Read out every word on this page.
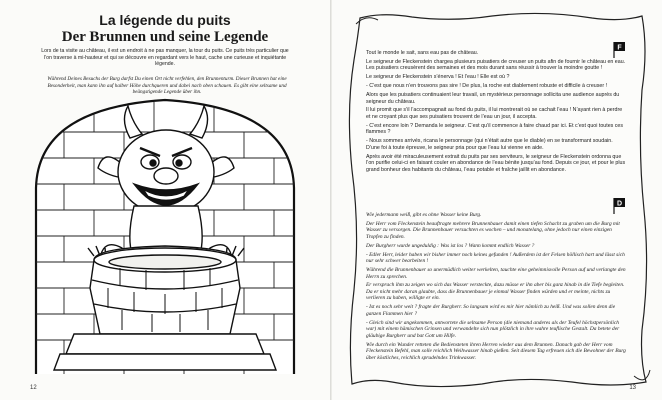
La légende du puits
Der Brunnen und seine Legende
Lors de ta visite au château, il est un endroit à ne pas manquer, la tour du puits. Ce puits très particulier que l’on traverse à mi-hauteur et qui se découvre en regardant vers le haut, cache une curieuse et inquiétante légende.
Während Deines Besuchs der Burg darfst Du einen Ort nicht verfehlen, den Brunnenturm. Dieser Brunnen hat eine Besonderheit, man kann ihn auf halber Höhe durchqueren und dabei nach oben schauen. Es gibt eine seltsame und beängstigende Legende über ihn.
12
F
D

Tout le monde le sait, sans eau pas de château.

Le seigneur de Fleckenstein chargea plusieurs puisatiers de creuser un puits afin de fournir le château en eau. Les puisatiers creusèrent des semaines et des mois durant sans réussir à trouver la moindre goutte !

Le seigneur de Fleckenstein s’énerva ! Et l’eau ! Elle est où ?

- C’est que nous n’en trouvons pas sire ! De plus, la roche est diablement robuste et difficile à creuser !

Alors que les puisatiers continuaient leur travail, un mystérieux personnage sollicita une audience auprès du seigneur du château.

Il lui promit que s’il l’accompagnait au fond du puits, il lui montrerait où se cachait l’eau ! N’ayant rien à perdre et ne croyant plus que ses puisatiers trouvent de l’eau un jour, il accepta.

- C’est encore loin ? Demanda le seigneur. C’est qu’il commence à faire chaud par ici. Et c’est quoi toutes ces flammes ?

- Nous sommes arrivés, ricana le personnage (qui n’était autre que le diable) en se transformant soudain. D’une foi à toute épreuve, le seigneur pria pour que l’eau lui vienne en aide.

Après avoir été miraculeusement extrait du puits par ses serviteurs, le seigneur de Fleckenstein ordonna que l’on purifie celui-ci en faisant couler en abondance de l’eau bénite jusqu’au fond. Depuis ce jour, et pour le plus grand bonheur des habitants du château, l’eau potable et fraîche jaillit en abondance.

Wie jedermann weiß, gibt es ohne Wasser keine Burg.

Der Herr vom Fleckenstein beauftragte mehrere Brunnenbauer damit einen tiefen Schacht zu graben um die Burg mit Wasser zu versorgen. Die Brunnenbauer versuchten es wochen – und monatelang, ohne jedoch nur einen einzigen Tropfen zu finden.

Der Burgherr wurde ungeduldig : Was ist los ? Wann kommt endlich Wasser ?

- Edler Herr, leider haben wir bisher immer noch keines gefunden ! Außerdem ist der Felsen höllisch hart und lässt sich nur sehr schwer bearbeiten !

Während die Brunnenbauer so unermüdlich weiter werkelten, tauchte eine geheimnisvolle Person auf und verlangte den Herrn zu sprechen.

Er versprach ihm zu zeigen wo sich das Wasser versteckte, dazu müsse er ihn aber bis ganz hinab in die Tiefe begleiten. Da er nicht mehr daran glaubte, dass die Brunnenbauer je einmal Wasser finden würden und er meinte, nichts zu verlieren zu haben, willigte er ein.

- Ist es noch sehr weit ? fragte der Burgherr. So langsam wird es mir hier nämlich zu heiß. Und was sollen denn die ganzen Flammen hier ?

- Gleich sind wir angekommen, antwortete die seltsame Person (die niemand anderes als der Teufel höchstpersönlich war) mit einem hämischen Grinsen und verwandelte sich nun plötzlich in ihre wahre teuflische Gestalt. Da betete der gläubige Burgherr und bat Gott um Hilfe.

Wie durch ein Wunder retteten die Bediensteten ihren Herren wieder aus dem Brunnen. Danach gab der Herr vom Fleckenstein Befehl, man solle reichlich Weihwasser hinab gießen. Seit diesem Tag erfreuen sich die Bewohner der Burg über köstliches, reichlich sprudelndes Trinkwasser.

13
